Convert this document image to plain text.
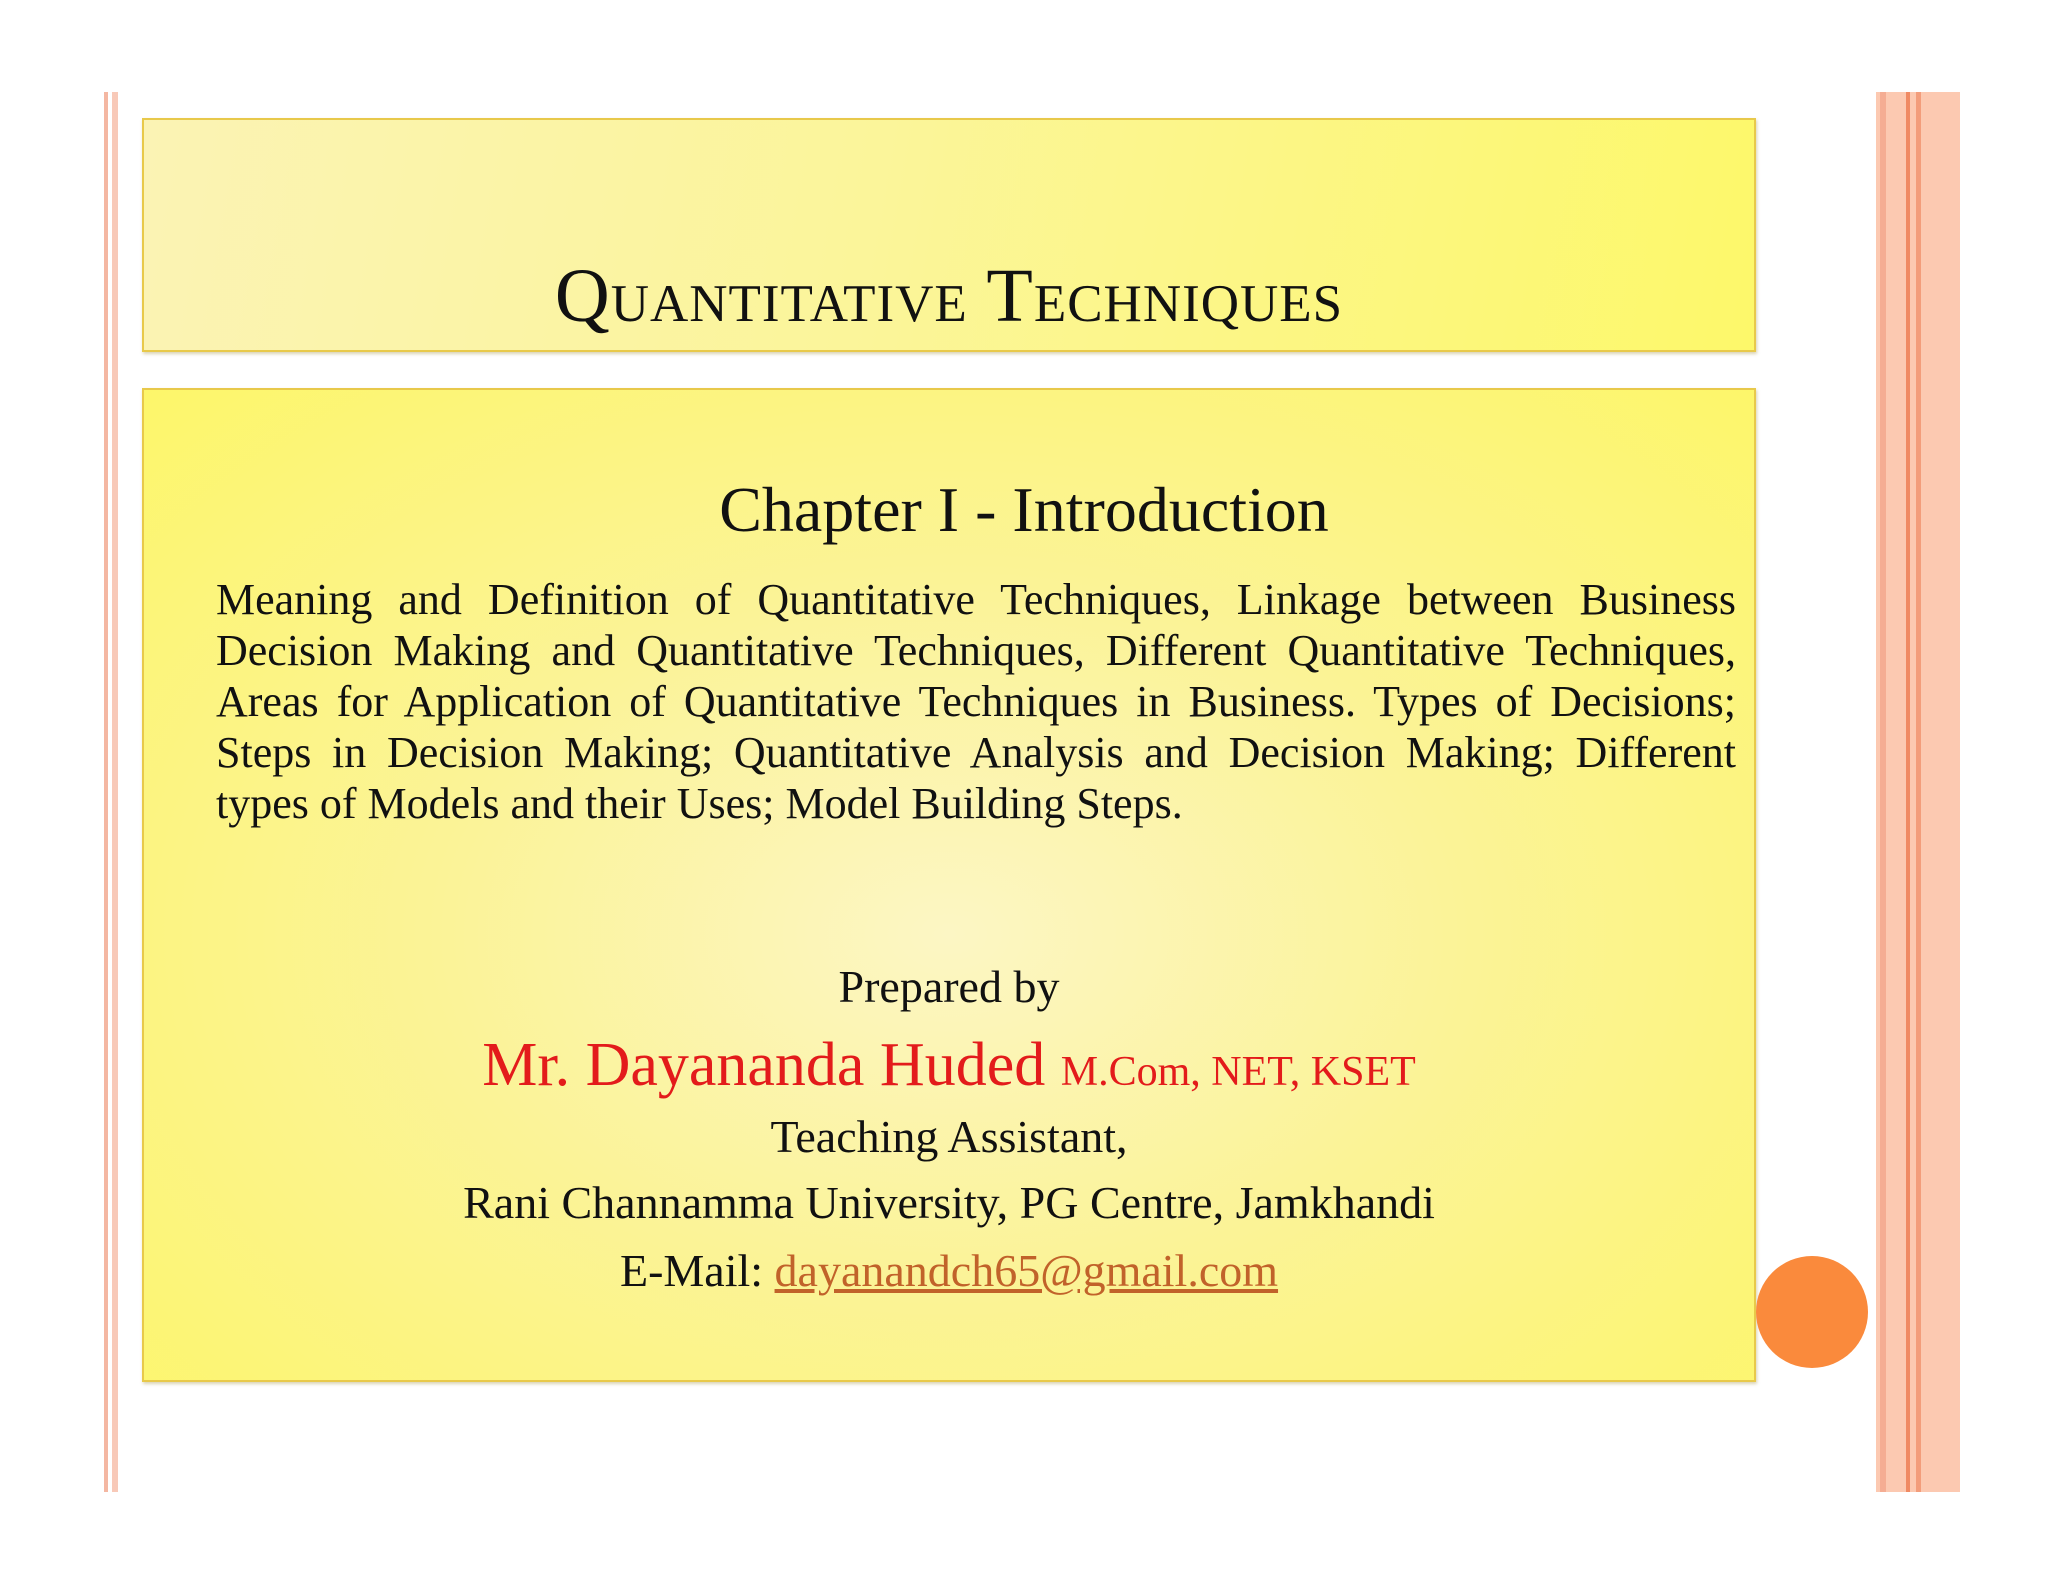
Quantitative Techniques
Chapter I - Introduction

Meaning and Definition of Quantitative Techniques, Linkage between Business Decision Making and Quantitative Techniques, Different Quantitative Techniques, Areas for Application of Quantitative Techniques in Business. Types of Decisions; Steps in Decision Making; Quantitative Analysis and Decision Making; Different types of Models and their Uses; Model Building Steps.

Prepared by
Mr. Dayananda Huded M.Com, NET, KSET
Teaching Assistant,
Rani Channamma University, PG Centre, Jamkhandi
E-Mail: dayanandch65@gmail.com
